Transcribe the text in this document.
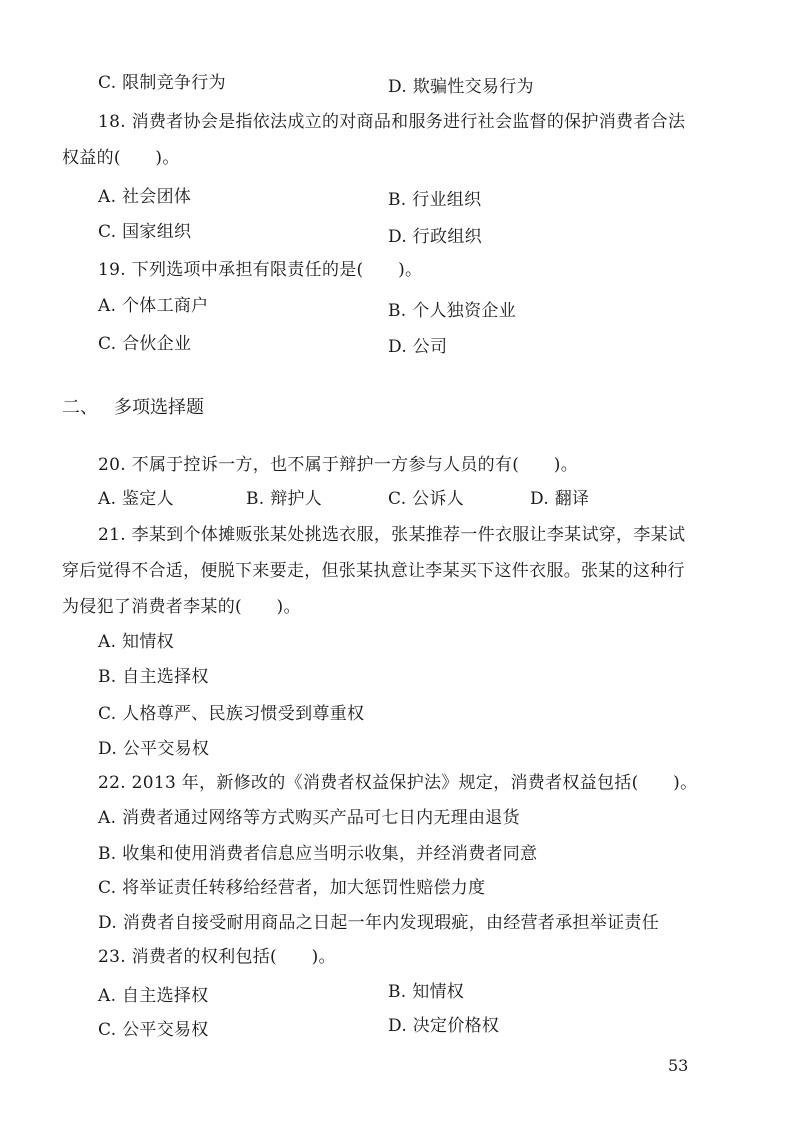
C. 限制竞争行为	D. 欺骗性交易行为
18. 消费者协会是指依法成立的对商品和服务进行社会监督的保护消费者合法
权益的(　　)。
A. 社会团体	B. 行业组织
C. 国家组织	D. 行政组织
19. 下列选项中承担有限责任的是(　　)。
A. 个体工商户	B. 个人独资企业
C. 合伙企业	D. 公司
二、 多项选择题
20. 不属于控诉一方，也不属于辩护一方参与人员的有(　　)。
A. 鉴定人	B. 辩护人	C. 公诉人	D. 翻译
21. 李某到个体摊贩张某处挑选衣服，张某推荐一件衣服让李某试穿，李某试
穿后觉得不合适，便脱下来要走，但张某执意让李某买下这件衣服。张某的这种行
为侵犯了消费者李某的(　　)。
A. 知情权
B. 自主选择权
C. 人格尊严、民族习惯受到尊重权
D. 公平交易权
22. 2013 年，新修改的《消费者权益保护法》规定，消费者权益包括(　　)。
A. 消费者通过网络等方式购买产品可七日内无理由退货
B. 收集和使用消费者信息应当明示收集，并经消费者同意
C. 将举证责任转移给经营者，加大惩罚性赔偿力度
D. 消费者自接受耐用商品之日起一年内发现瑕疵，由经营者承担举证责任
23. 消费者的权利包括(　　)。
A. 自主选择权	B. 知情权
C. 公平交易权	D. 决定价格权
53
